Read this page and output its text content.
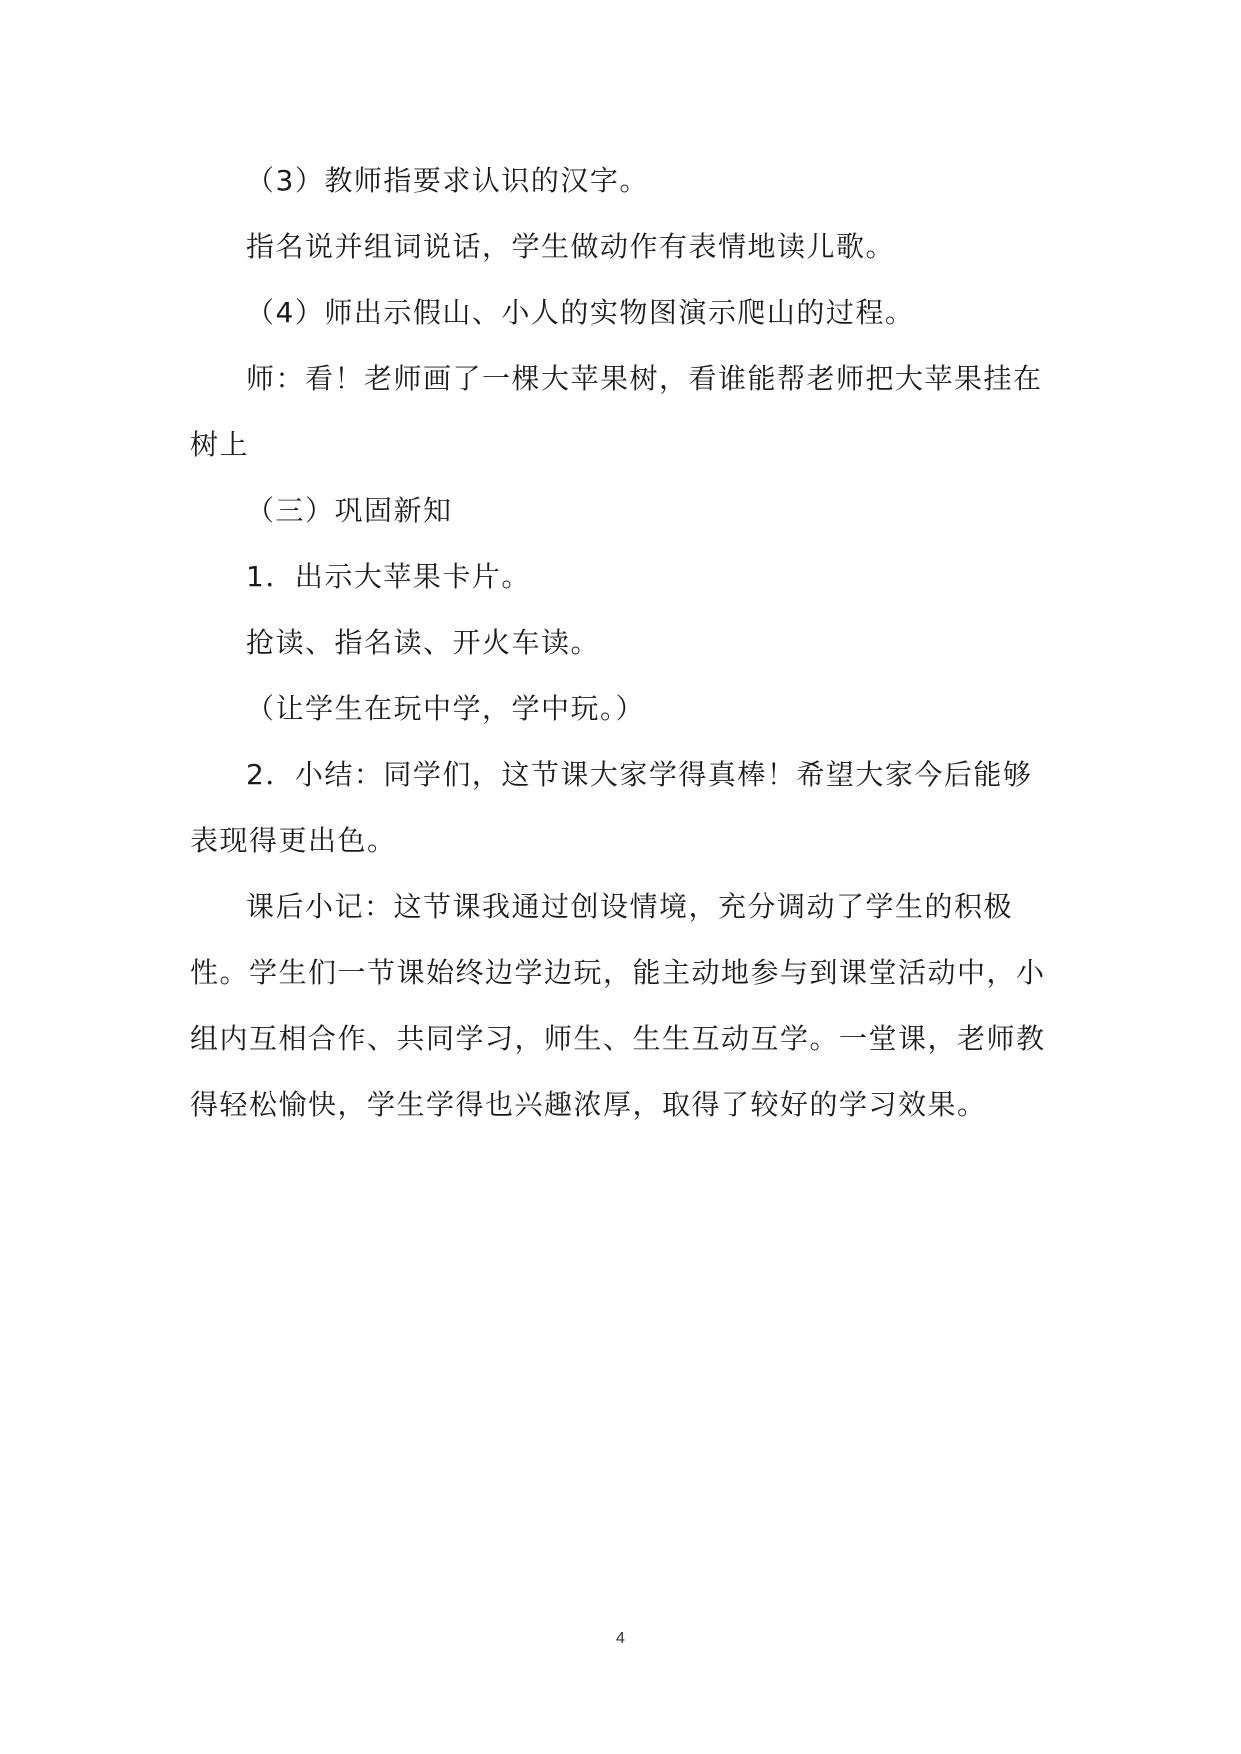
（3）教师指要求认识的汉字。

指名说并组词说话，学生做动作有表情地读儿歌。

（4）师出示假山、小人的实物图演示爬山的过程。

师：看！老师画了一棵大苹果树，看谁能帮老师把大苹果挂在树上

（三）巩固新知

1．出示大苹果卡片。

抢读、指名读、开火车读。

（让学生在玩中学，学中玩。）

2．小结：同学们，这节课大家学得真棒！希望大家今后能够表现得更出色。

课后小记：这节课我通过创设情境，充分调动了学生的积极性。学生们一节课始终边学边玩，能主动地参与到课堂活动中，小组内互相合作、共同学习，师生、生生互动互学。一堂课，老师教得轻松愉快，学生学得也兴趣浓厚，取得了较好的学习效果。

4
